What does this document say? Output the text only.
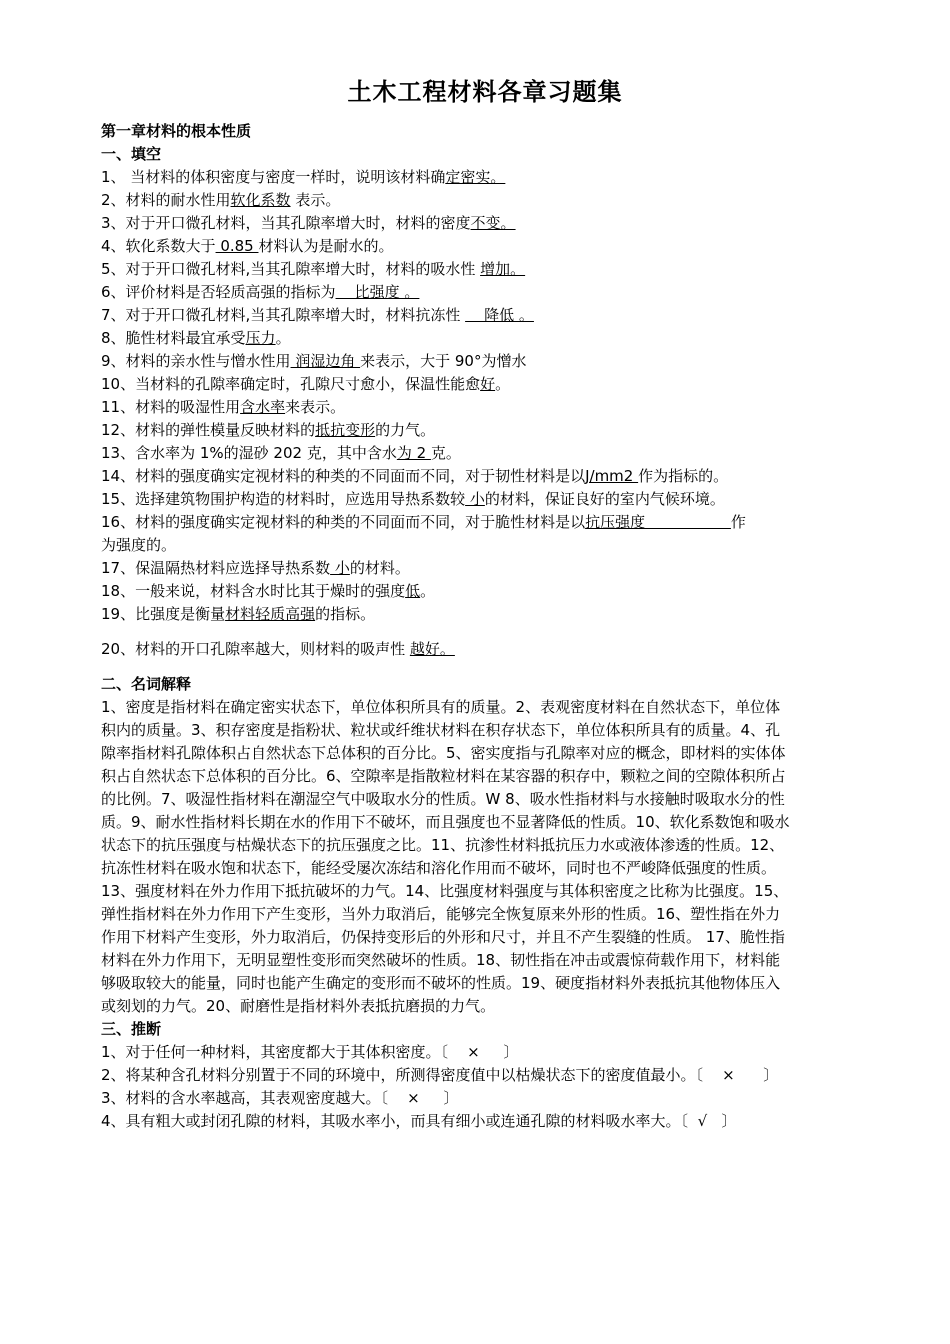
土木工程材料各章习题集
第一章材料的根本性质
一、填空
1、 当材料的体积密度与密度一样时，说明该材料确定密实。
2、材料的耐水性用软化系数 表示。
3、对于开口微孔材料，当其孔隙率增大时，材料的密度不变。
4、软化系数大于 0.85 材料认为是耐水的。
5、对于开口微孔材料,当其孔隙率增大时，材料的吸水性 增加。
6、评价材料是否轻质高强的指标为    比强度 。
7、对于开口微孔材料,当其孔隙率增大时，材料抗冻性     降低 。
8、脆性材料最宜承受压力。
9、材料的亲水性与憎水性用 润湿边角 来表示，大于 90°为憎水
10、当材料的孔隙率确定时，孔隙尺寸愈小，保温性能愈好。
11、材料的吸湿性用含水率来表示。
12、材料的弹性模量反映材料的抵抗变形的力气。
13、含水率为 1%的湿砂 202 克，其中含水为 2 克。
14、材料的强度确实定视材料的种类的不同面而不同，对于韧性材料是以J/mm2 作为指标的。
15、选择建筑物围护构造的材料时，应选用导热系数较 小的材料，保证良好的室内气候环境。
16、材料的强度确实定视材料的种类的不同面而不同，对于脆性材料是以抗压强度                  作
为强度的。
17、保温隔热材料应选择导热系数 小的材料。
18、一般来说，材料含水时比其于燥时的强度低。
19、比强度是衡量材料轻质高强的指标。
20、材料的开口孔隙率越大，则材料的吸声性 越好。
二、名词解释
1、密度是指材料在确定密实状态下，单位体积所具有的质量。2、表观密度材料在自然状态下，单位体
积内的质量。3、积存密度是指粉状、粒状或纤维状材料在积存状态下，单位体积所具有的质量。4、孔
隙率指材料孔隙体积占自然状态下总体积的百分比。5、密实度指与孔隙率对应的概念，即材料的实体体
积占自然状态下总体积的百分比。6、空隙率是指散粒材料在某容器的积存中，颗粒之间的空隙体积所占
的比例。7、吸湿性指材料在潮湿空气中吸取水分的性质。W 8、吸水性指材料与水接触时吸取水分的性
质。9、耐水性指材料长期在水的作用下不破坏，而且强度也不显著降低的性质。10、软化系数饱和吸水
状态下的抗压强度与枯燥状态下的抗压强度之比。11、抗渗性材料抵抗压力水或液体渗透的性质。12、
抗冻性材料在吸水饱和状态下，能经受屡次冻结和溶化作用而不破坏，同时也不严峻降低强度的性质。
13、强度材料在外力作用下抵抗破坏的力气。14、比强度材料强度与其体积密度之比称为比强度。15、
弹性指材料在外力作用下产生变形，当外力取消后，能够完全恢复原来外形的性质。16、塑性指在外力
作用下材料产生变形，外力取消后，仍保持变形后的外形和尺寸，并且不产生裂缝的性质。 17、脆性指
材料在外力作用下，无明显塑性变形而突然破坏的性质。18、韧性指在冲击或震惊荷载作用下，材料能
够吸取较大的能量，同时也能产生确定的变形而不破坏的性质。19、硬度指材料外表抵抗其他物体压入
或刻划的力气。20、耐磨性是指材料外表抵抗磨损的力气。
三、推断
1、对于任何一种材料，其密度都大于其体积密度。〔    ×     〕
2、将某种含孔材料分别置于不同的环境中，所测得密度值中以枯燥状态下的密度值最小。〔    ×      〕
3、材料的含水率越高，其表观密度越大。〔    ×     〕
4、具有粗大或封闭孔隙的材料，其吸水率小，而具有细小或连通孔隙的材料吸水率大。〔  √   〕
